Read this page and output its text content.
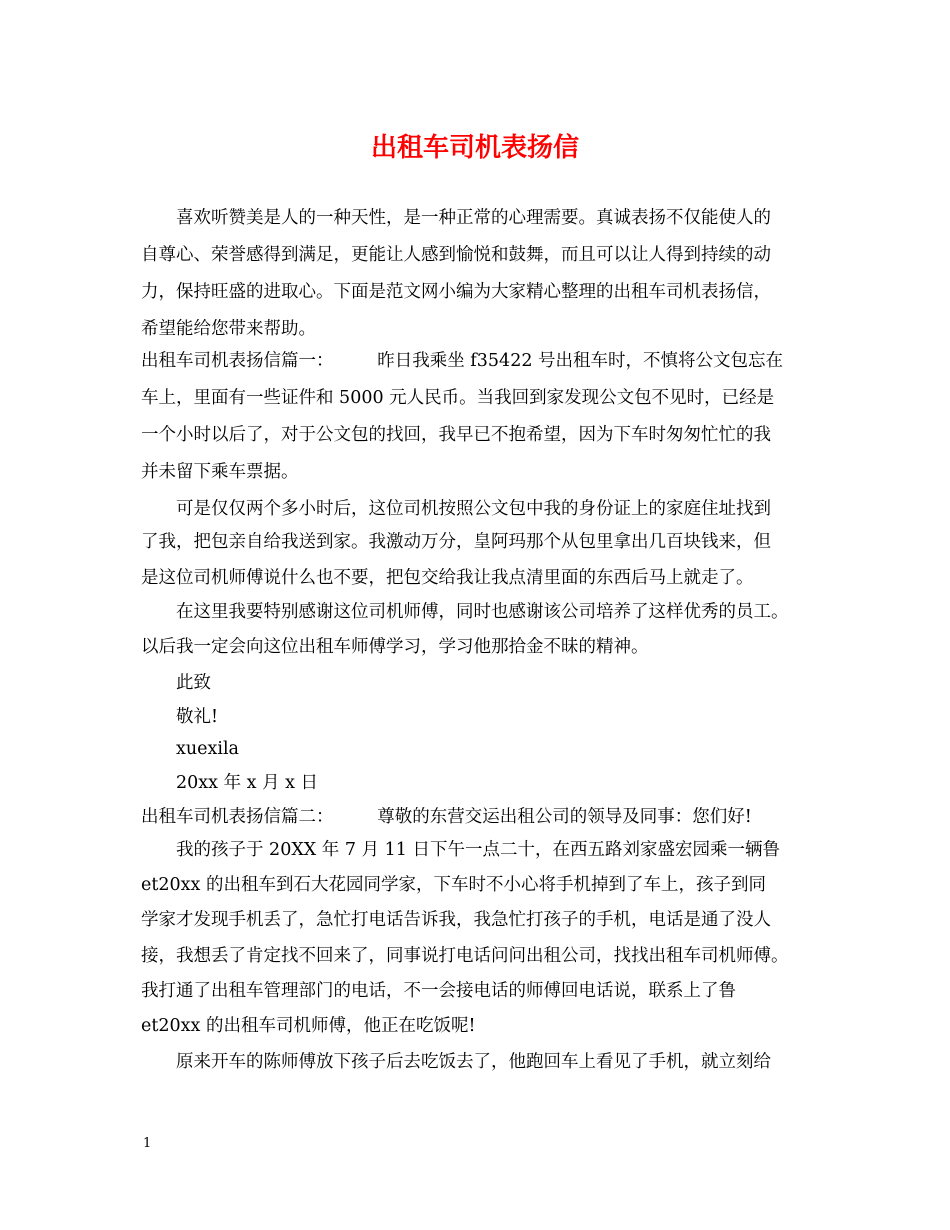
出租车司机表扬信
　　喜欢听赞美是人的一种天性，是一种正常的心理需要。真诚表扬不仅能使人的
自尊心、荣誉感得到满足，更能让人感到愉悦和鼓舞，而且可以让人得到持续的动
力，保持旺盛的进取心。下面是范文网小编为大家精心整理的出租车司机表扬信，
希望能给您带来帮助。
出租车司机表扬信篇一：　　　昨日我乘坐 f35422 号出租车时，不慎将公文包忘在
车上，里面有一些证件和 5000 元人民币。当我回到家发现公文包不见时，已经是
一个小时以后了，对于公文包的找回，我早已不抱希望，因为下车时匆匆忙忙的我
并未留下乘车票据。
　　可是仅仅两个多小时后，这位司机按照公文包中我的身份证上的家庭住址找到
了我，把包亲自给我送到家。我激动万分，皇阿玛那个从包里拿出几百块钱来，但
是这位司机师傅说什么也不要，把包交给我让我点清里面的东西后马上就走了。
　　在这里我要特别感谢这位司机师傅，同时也感谢该公司培养了这样优秀的员工。
以后我一定会向这位出租车师傅学习，学习他那拾金不昧的精神。
　　此致
　　敬礼!
　　xuexila
　　20xx 年 x 月 x 日
出租车司机表扬信篇二：　　　尊敬的东营交运出租公司的领导及同事：您们好!
　　我的孩子于 20XX 年 7 月 11 日下午一点二十，在西五路刘家盛宏园乘一辆鲁
et20xx 的出租车到石大花园同学家，下车时不小心将手机掉到了车上，孩子到同
学家才发现手机丢了，急忙打电话告诉我，我急忙打孩子的手机，电话是通了没人
接，我想丢了肯定找不回来了，同事说打电话问问出租公司，找找出租车司机师傅。
我打通了出租车管理部门的电话，不一会接电话的师傅回电话说，联系上了鲁
et20xx 的出租车司机师傅，他正在吃饭呢!
　　原来开车的陈师傅放下孩子后去吃饭去了，他跑回车上看见了手机，就立刻给
1
